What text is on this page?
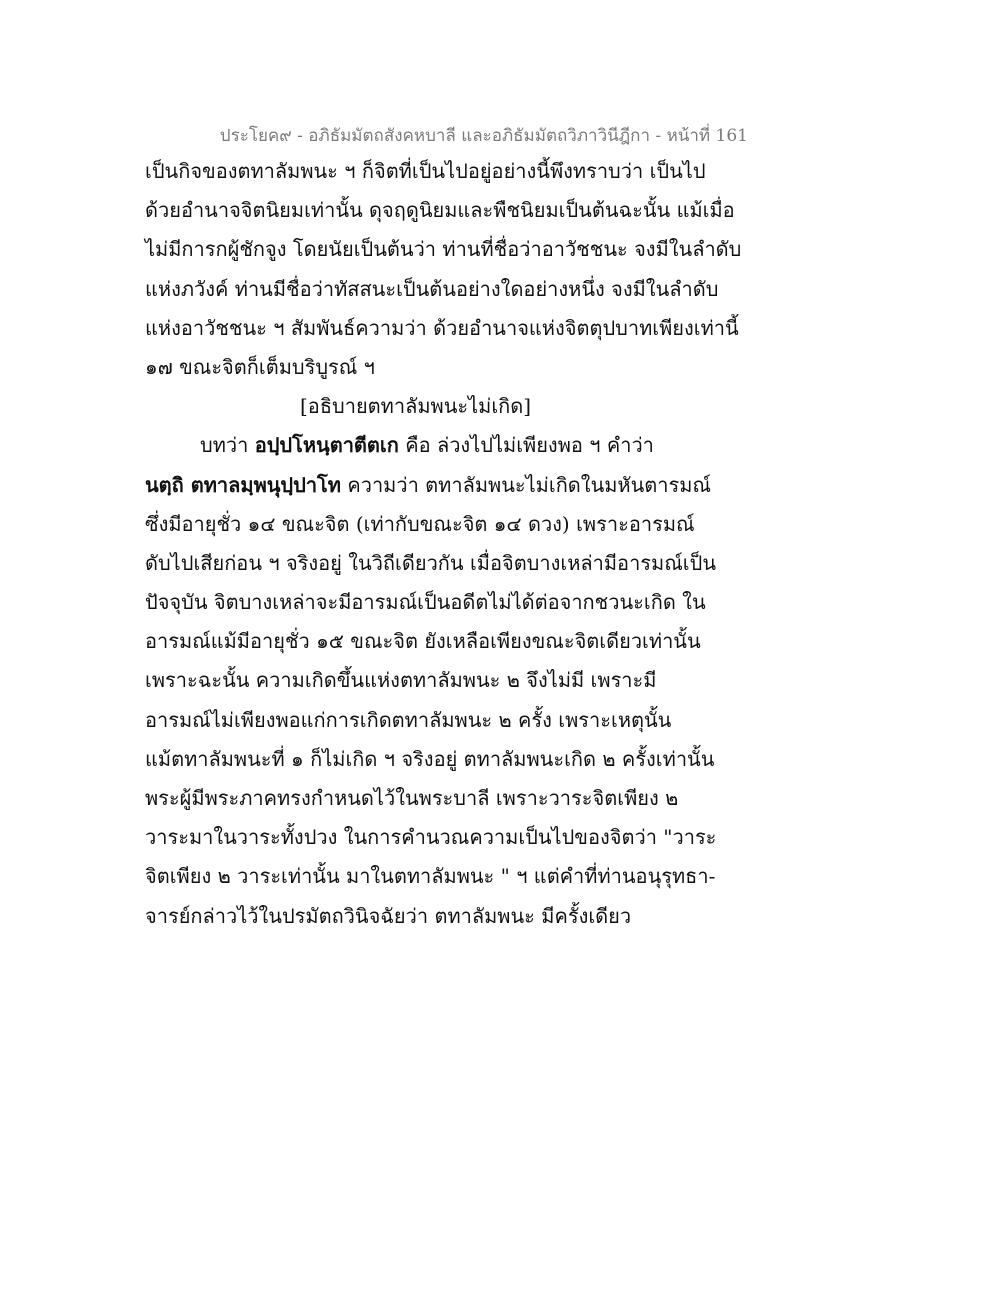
ประโยค๙ - อภิธัมมัตถสังคหบาลี และอภิธัมมัตถวิภาวินีฎีกา - หน้าที่ 161
เป็นกิจของตทาลัมพนะ ฯ ก็จิตที่เป็นไปอยู่อย่างนี้พึงทราบว่า เป็นไป
ด้วยอำนาจจิตนิยมเท่านั้น ดุจฤดูนิยมและพืชนิยมเป็นต้นฉะนั้น แม้เมื่อ
ไม่มีการกผู้ชักจูง โดยนัยเป็นต้นว่า ท่านที่ชื่อว่าอาวัชชนะ จงมีในลำดับ
แห่งภวังค์ ท่านมีชื่อว่าทัสสนะเป็นต้นอย่างใดอย่างหนึ่ง จงมีในลำดับ
แห่งอาวัชชนะ ฯ สัมพันธ์ความว่า ด้วยอำนาจแห่งจิตตุปบาทเพียงเท่านี้
๑๗ ขณะจิตก็เต็มบริบูรณ์ ฯ
[อธิบายตทาลัมพนะไม่เกิด]
บทว่า อปฺปโหนฺตาตีตเก คือ ล่วงไปไม่เพียงพอ ฯ คำว่า
นตฺถิ ตทาลมฺพนุปฺปาโท ความว่า ตทาลัมพนะไม่เกิดในมหันตารมณ์
ซึ่งมีอายุชั่ว ๑๔ ขณะจิต (เท่ากับขณะจิต ๑๔ ดวง) เพราะอารมณ์
ดับไปเสียก่อน ฯ จริงอยู่ ในวิถีเดียวกัน เมื่อจิตบางเหล่ามีอารมณ์เป็น
ปัจจุบัน จิตบางเหล่าจะมีอารมณ์เป็นอดีตไม่ได้ต่อจากชวนะเกิด ใน
อารมณ์แม้มีอายุชั่ว ๑๕ ขณะจิต ยังเหลือเพียงขณะจิตเดียวเท่านั้น
เพราะฉะนั้น ความเกิดขึ้นแห่งตทาลัมพนะ ๒ จึงไม่มี เพราะมี
อารมณ์ไม่เพียงพอแก่การเกิดตทาลัมพนะ ๒ ครั้ง เพราะเหตุนั้น
แม้ตทาลัมพนะที่ ๑ ก็ไม่เกิด ฯ จริงอยู่ ตทาลัมพนะเกิด ๒ ครั้งเท่านั้น
พระผู้มีพระภาคทรงกำหนดไว้ในพระบาลี เพราะวาระจิตเพียง ๒
วาระมาในวาระทั้งปวง ในการคำนวณความเป็นไปของจิตว่า "วาระ
จิตเพียง ๒ วาระเท่านั้น มาในตทาลัมพนะ " ฯ แต่คำที่ท่านอนุรุทธา-
จารย์กล่าวไว้ในปรมัตถวินิจฉัยว่า ตทาลัมพนะ มีครั้งเดียว
